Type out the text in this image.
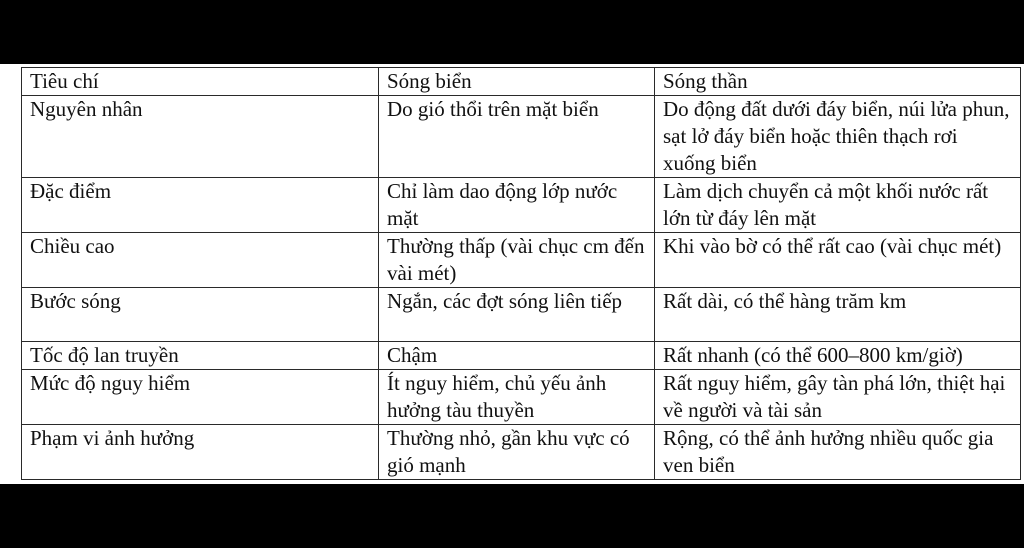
Tiêu chí	Sóng biển	Sóng thần
Nguyên nhân	Do gió thổi trên mặt biển	Do động đất dưới đáy biển, núi lửa phun, sạt lở đáy biển hoặc thiên thạch rơi xuống biển
Đặc điểm	Chỉ làm dao động lớp nước mặt	Làm dịch chuyển cả một khối nước rất lớn từ đáy lên mặt
Chiều cao	Thường thấp (vài chục cm đến vài mét)	Khi vào bờ có thể rất cao (vài chục mét)
Bước sóng	Ngắn, các đợt sóng liên tiếp	Rất dài, có thể hàng trăm km
Tốc độ lan truyền	Chậm	Rất nhanh (có thể 600–800 km/giờ)
Mức độ nguy hiểm	Ít nguy hiểm, chủ yếu ảnh hưởng tàu thuyền	Rất nguy hiểm, gây tàn phá lớn, thiệt hại về người và tài sản
Phạm vi ảnh hưởng	Thường nhỏ, gần khu vực có gió mạnh	Rộng, có thể ảnh hưởng nhiều quốc gia ven biển
